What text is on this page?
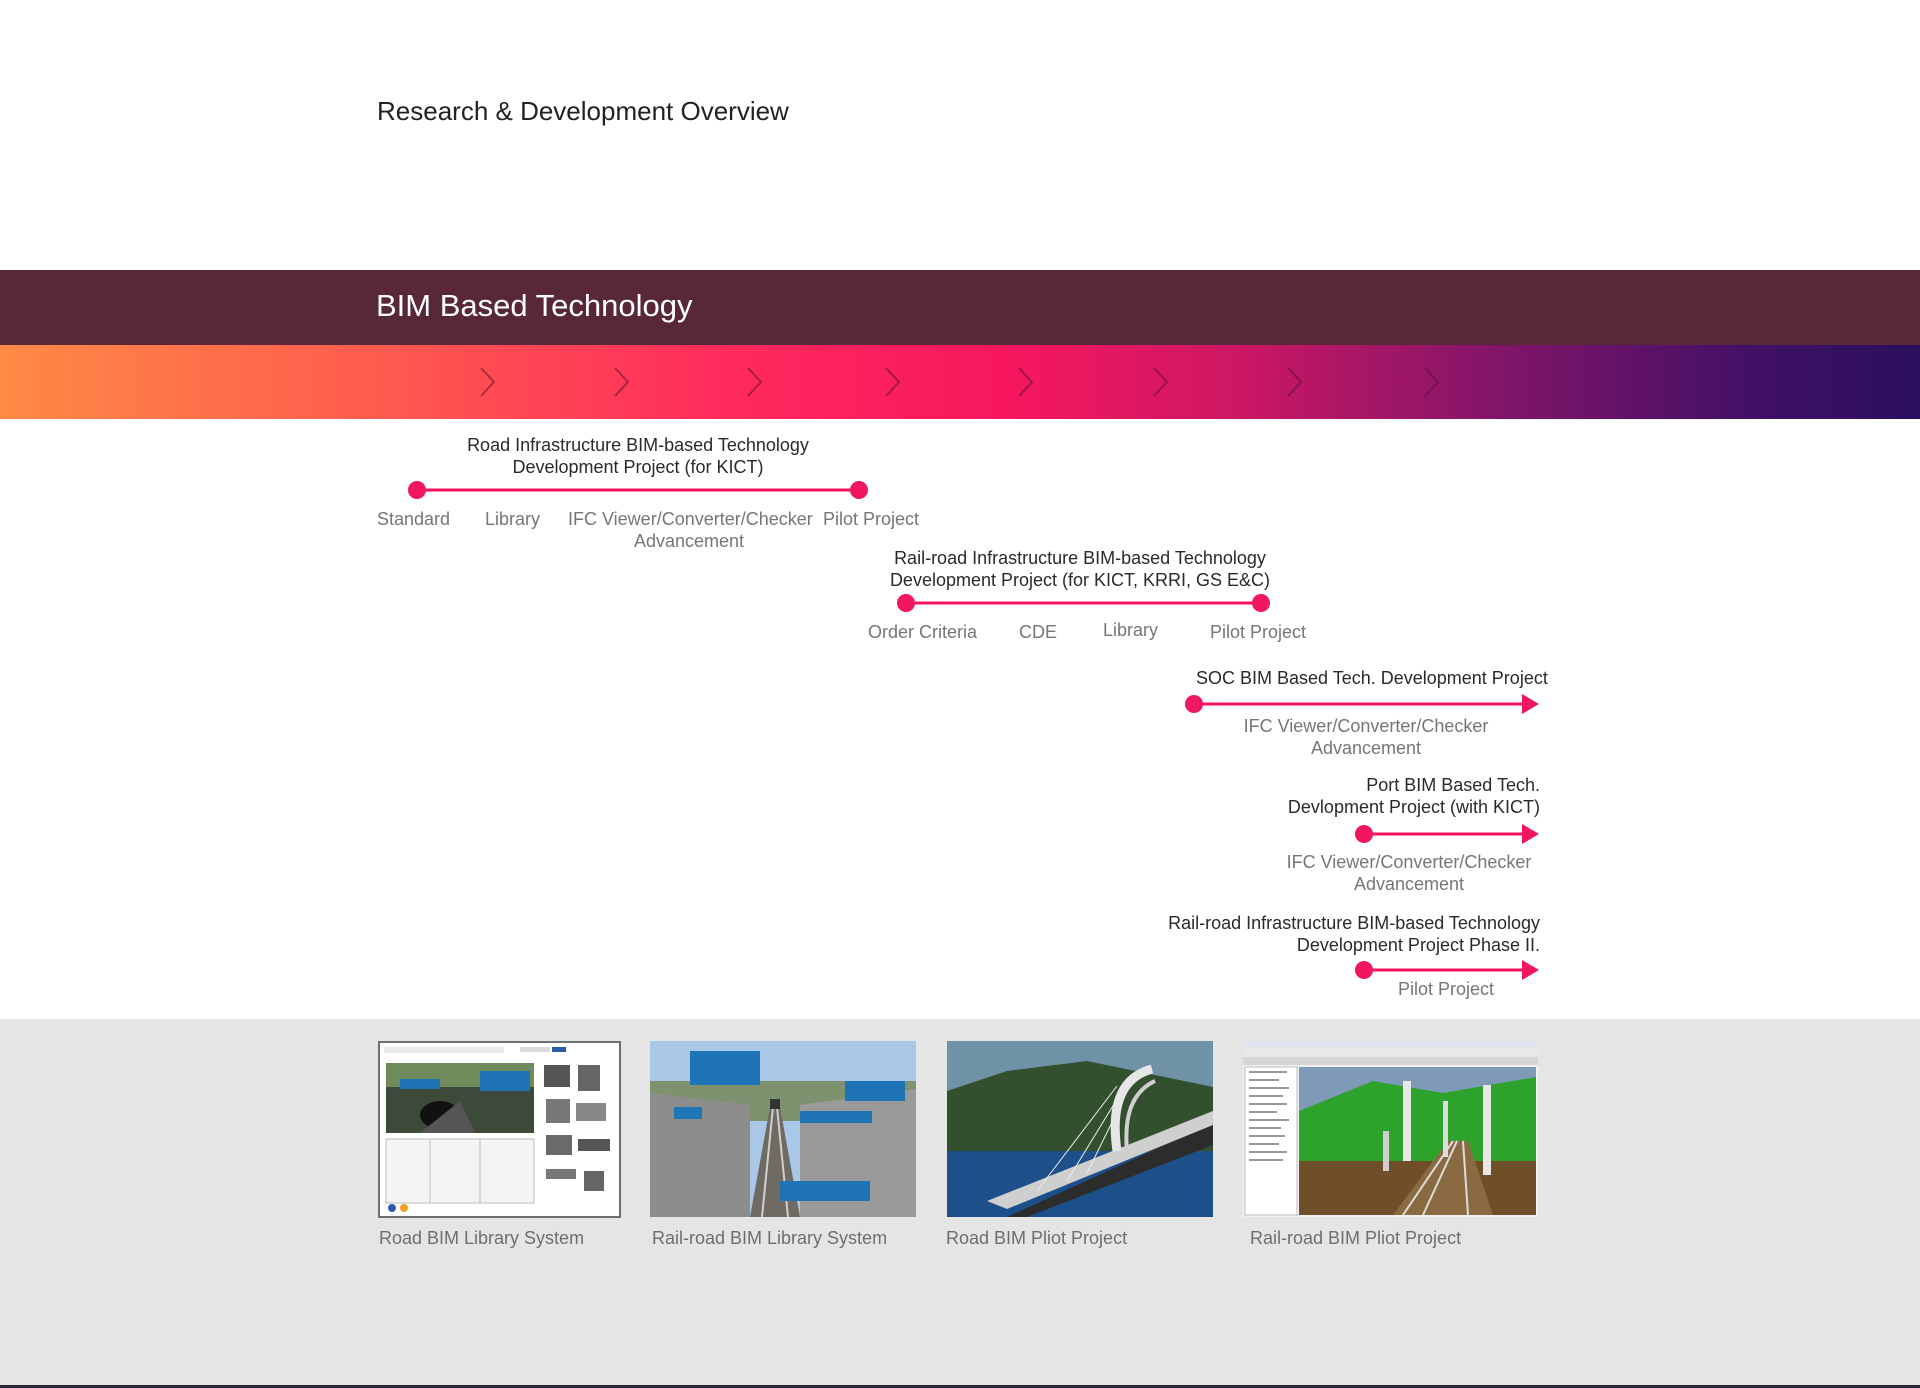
Research & Development Overview
BIM Based Technology
Road Infrastructure BIM-based Technology
Development Project (for KICT)
Standard Library IFC Viewer/Converter/Checker
Advancement
Pilot Project
Rail-road Infrastructure BIM-based Technology
Development Project (for KICT, KRRI, GS E&C)
Order Criteria CDE	Library	Pilot Project
SOC BIM Based Tech. Development Project
IFC Viewer/Converter/Checker
Advancement
Port BIM Based Tech.
Devlopment Project (with KICT)
IFC Viewer/Converter/Checker
Advancement
Rail-road Infrastructure BIM-based Technology
Development Project Phase II.
Pilot Project
Road BIM Library System	Rail-road BIM Library System	Road BIM Pliot Project	Rail-road BIM Pliot Project
